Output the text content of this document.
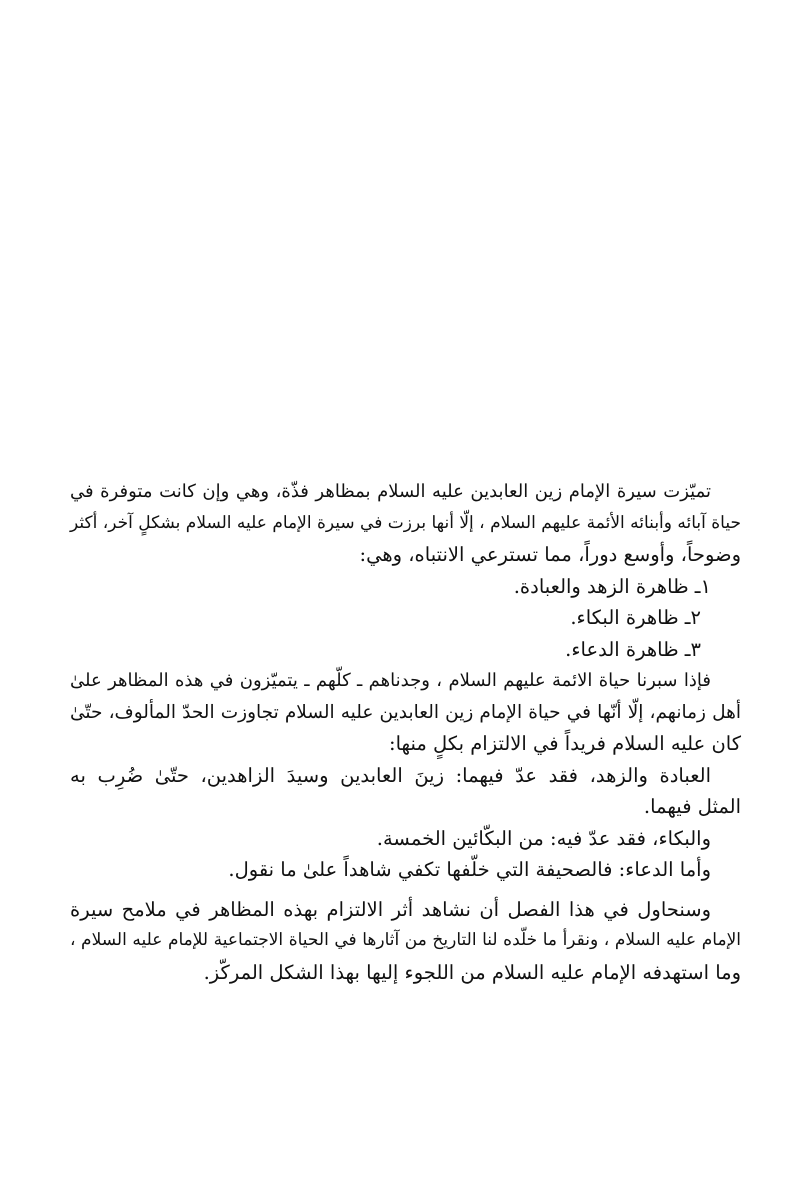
تميّزت سيرة الإمام زين العابدين عليه السلام بمظاهر فذّة، وهي وإن كانت متوفرة في
حياة آبائه وأبنائه الأئمة عليهم السلام ، إلّا أنها برزت في سيرة الإمام عليه السلام بشكلٍ آخر، أكثر
وضوحاً، وأوسع دوراً، مما تسترعي الانتباه، وهي:
١ـ ظاهرة الزهد والعبادة.
٢ـ ظاهرة البكاء.
٣ـ ظاهرة الدعاء.
فإذا سبرنا حياة الائمة عليهم السلام ، وجدناهم ـ كلّهم ـ يتميّزون في هذه المظاهر علىٰ
أهل زمانهم، إلّا أنّها في حياة الإمام زين العابدين عليه السلام تجاوزت الحدّ المألوف، حتّىٰ
كان عليه السلام فريداً في الالتزام بكلٍ منها:
العبادة والزهد، فقد عدّ فيهما: زينَ العابدين وسيدَ الزاهدين، حتّىٰ ضُرِب به
المثل فيهما.
والبكاء، فقد عدّ فيه: من البكّائين الخمسة.
وأما الدعاء: فالصحيفة التي خلّفها تكفي شاهداً علىٰ ما نقول.
وسنحاول في هذا الفصل أن نشاهد أثر الالتزام بهذه المظاهر في ملامح سيرة
الإمام عليه السلام ، ونقرأ ما خلّده لنا التاريخ من آثارها في الحياة الاجتماعية للإمام عليه السلام ،
وما استهدفه الإمام عليه السلام من اللجوء إليها بهذا الشكل المركّز.
